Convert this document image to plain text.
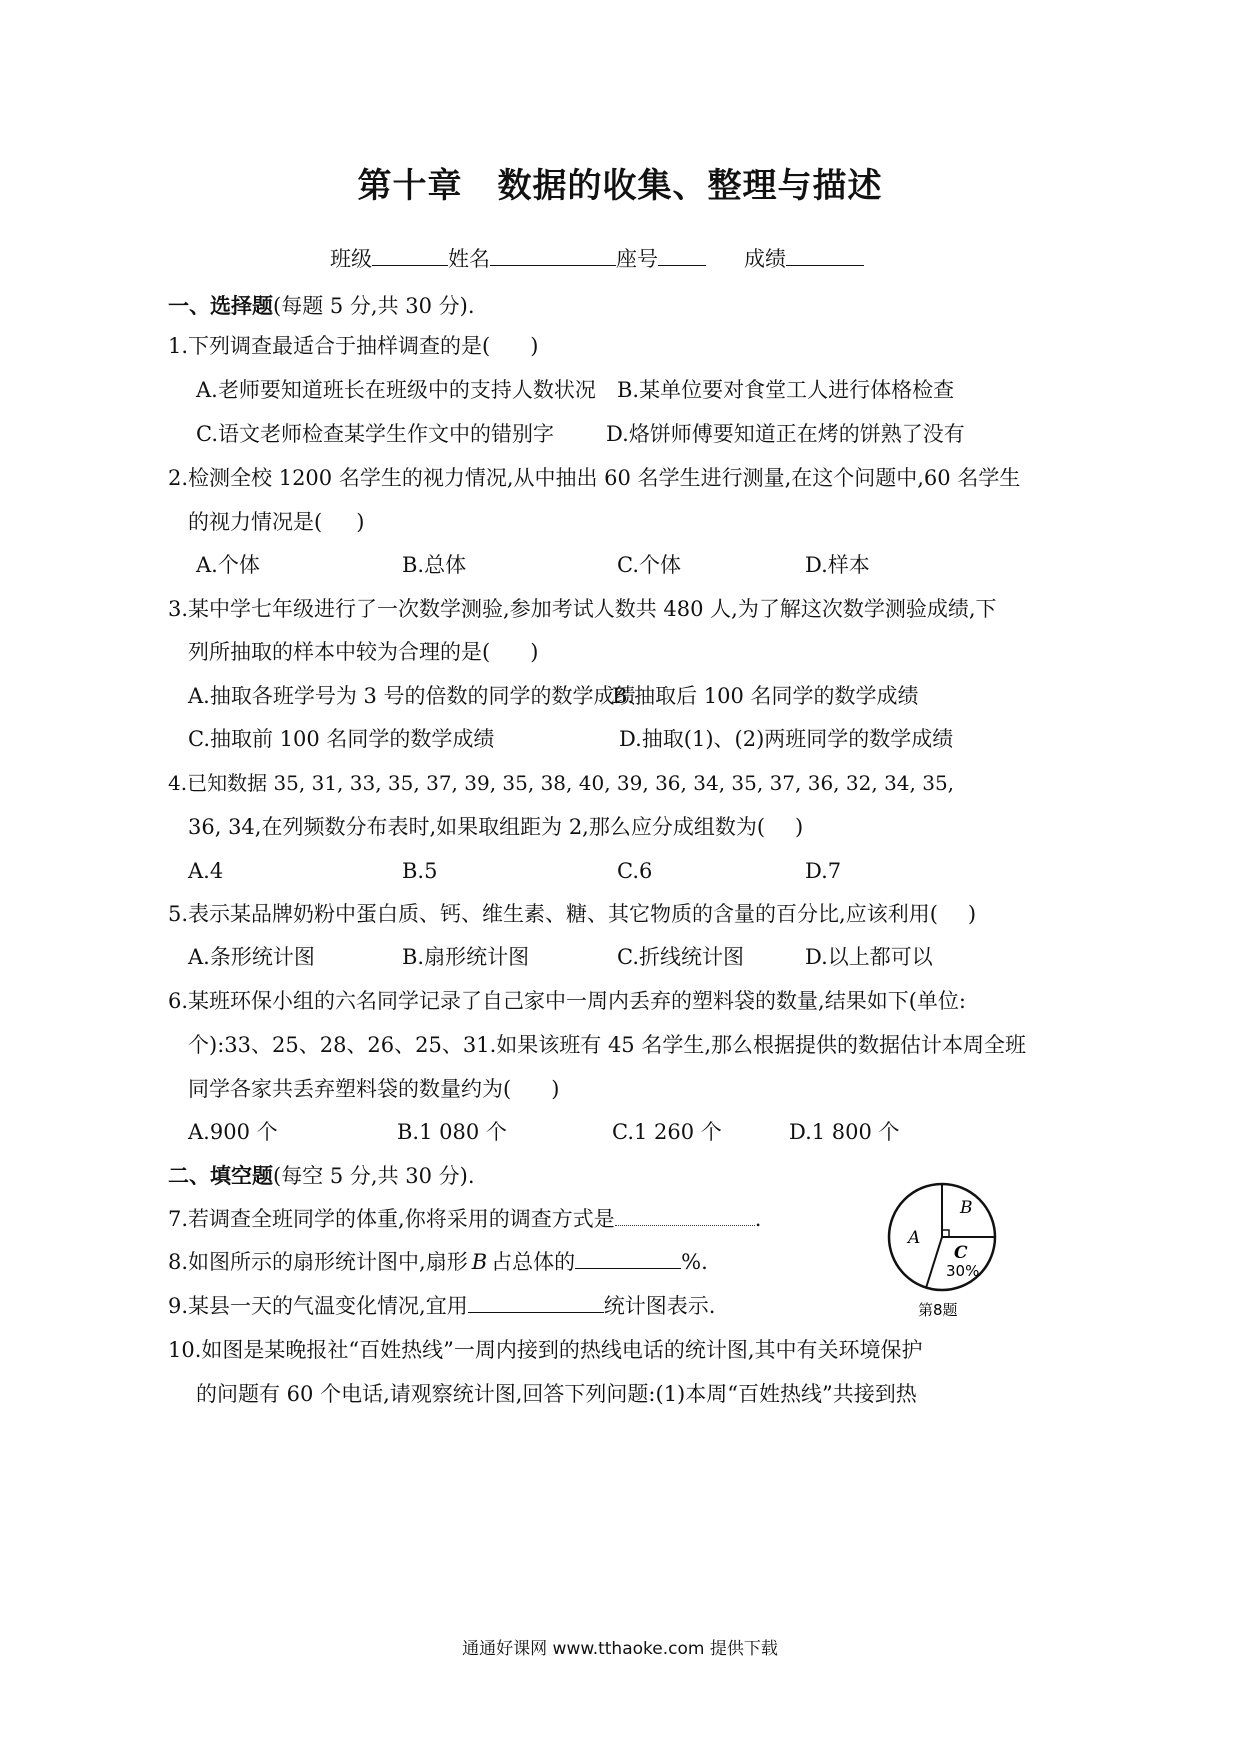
第十章　数据的收集、整理与描述
班级	姓名	座号	成绩
一、选择题(每题 5 分,共 30 分).
1.下列调查最适合于抽样调查的是( )
A.老师要知道班长在班级中的支持人数状况 B.某单位要对食堂工人进行体格检查
C.语文老师检查某学生作文中的错别字 D.烙饼师傅要知道正在烤的饼熟了没有
2.检测全校 1200 名学生的视力情况,从中抽出 60 名学生进行测量,在这个问题中,60 名学生
的视力情况是( )
A.个体	B.总体	C.个体	D.样本
3.某中学七年级进行了一次数学测验,参加考试人数共 480 人,为了解这次数学测验成绩,下
列所抽取的样本中较为合理的是( )
A.抽取各班学号为 3 号的倍数的同学的数学成绩
B.抽取后 100 名同学的数学成绩
C.抽取前 100 名同学的数学成绩	D.抽取(1)、(2)两班同学的数学成绩
4.已知数据 35, 31, 33, 35, 37, 39, 35, 38, 40, 39, 36, 34, 35, 37, 36, 32, 34, 35,
36, 34,在列频数分布表时,如果取组距为 2,那么应分成组数为( )
A.4	B.5	C.6	D.7
5.表示某品牌奶粉中蛋白质、钙、维生素、糖、其它物质的含量的百分比,应该利用( )
A.条形统计图	B.扇形统计图	C.折线统计图	D.以上都可以
6.某班环保小组的六名同学记录了自己家中一周内丢弃的塑料袋的数量,结果如下(单位:
个):33、25、28、26、25、31.如果该班有 45 名学生,那么根据提供的数据估计本周全班
同学各家共丢弃塑料袋的数量约为( )
A.900 个	B.1 080 个	C.1 260 个	D.1 800 个
二、填空题(每空 5 分,共 30 分).
7.若调查全班同学的体重,你将采用的调查方式是	.
8.如图所示的扇形统计图中,扇形 B 占总体的	%.
9.某县一天的气温变化情况,宜用	统计图表示.
10.如图是某晚报社“百姓热线”一周内接到的热线电话的统计图,其中有关环境保护
的问题有 60 个电话,请观察统计图,回答下列问题:(1)本周“百姓热线”共接到热
A
B
C
30%
第8题
通通好课网 www.tthaoke.com 提供下载
